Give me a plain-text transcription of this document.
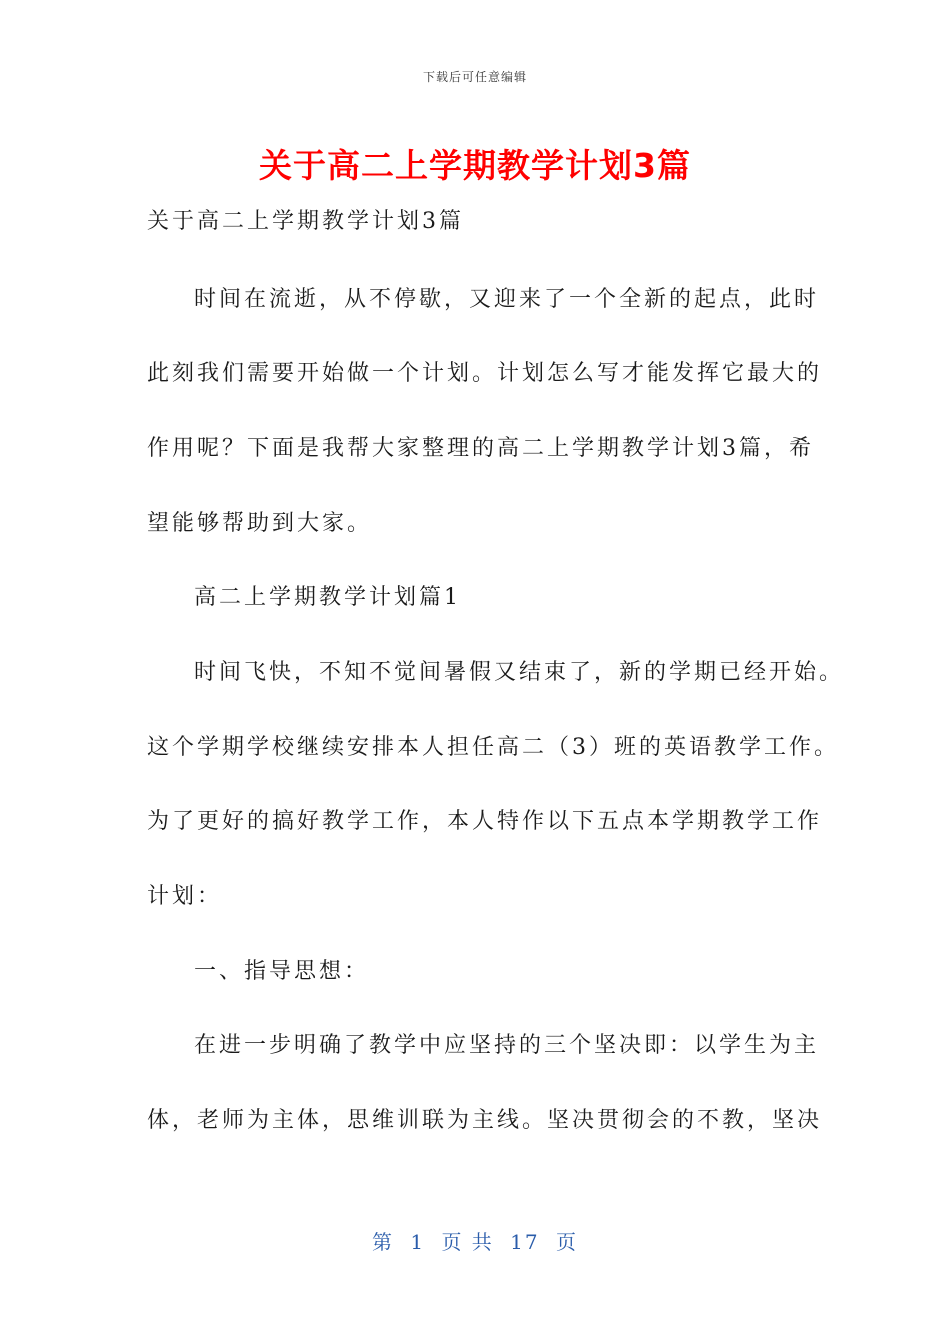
下载后可任意编辑
关于高二上学期教学计划3篇
关于高二上学期教学计划3篇
时间在流逝，从不停歇，又迎来了一个全新的起点，此时
此刻我们需要开始做一个计划。计划怎么写才能发挥它最大的
作用呢？下面是我帮大家整理的高二上学期教学计划3篇，希
望能够帮助到大家。
高二上学期教学计划篇1
时间飞快，不知不觉间暑假又结束了，新的学期已经开始。
这个学期学校继续安排本人担任高二（3）班的英语教学工作。
为了更好的搞好教学工作，本人特作以下五点本学期教学工作
计划：
一、指导思想：
在进一步明确了教学中应坚持的三个坚决即：以学生为主
体，老师为主体，思维训联为主线。坚决贯彻会的不教，坚决
第 1 页 共 17 页
